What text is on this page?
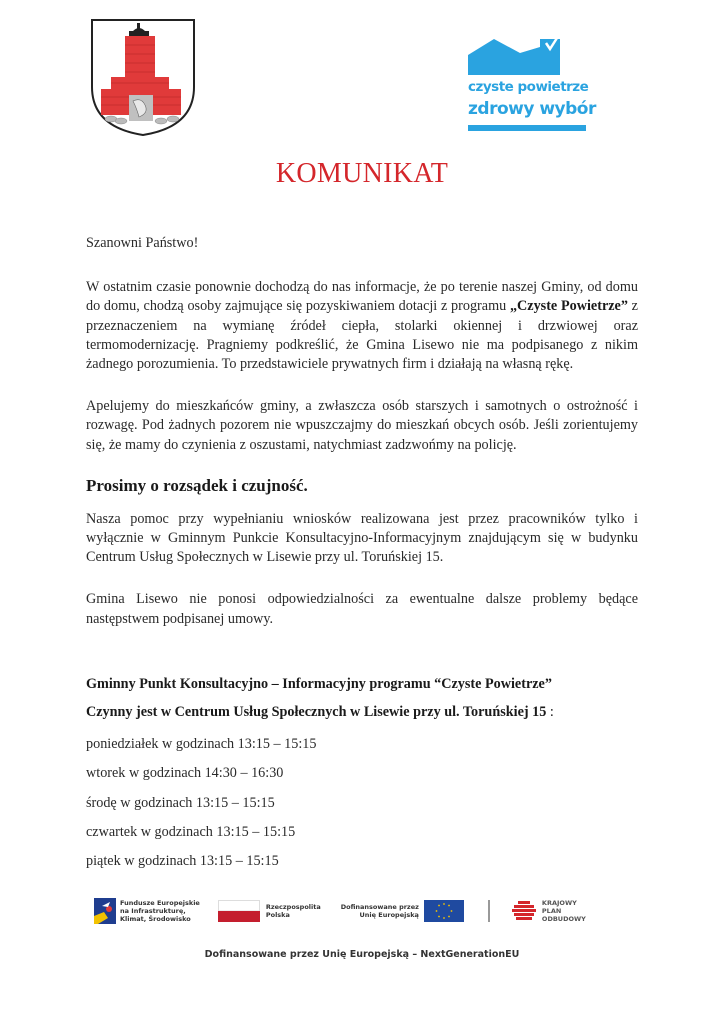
czyste powietrze
zdrowy wybór
KOMUNIKAT
Szanowni Państwo!
W ostatnim czasie ponownie dochodzą do nas informacje, że po terenie naszej Gminy, od domu do domu, chodzą osoby zajmujące się pozyskiwaniem dotacji z programu „Czyste Powietrze” z przeznaczeniem na wymianę źródeł ciepła, stolarki okiennej i drzwiowej oraz termomodernizację. Pragniemy podkreślić, że Gmina Lisewo nie ma podpisanego z nikim żadnego porozumienia. To przedstawiciele prywatnych firm i działają na własną rękę.
Apelujemy do mieszkańców gminy, a zwłaszcza osób starszych i samotnych o ostrożność i rozwagę. Pod żadnych pozorem nie wpuszczajmy do mieszkań obcych osób. Jeśli zorientujemy się, że mamy do czynienia z oszustami, natychmiast zadzwońmy na policję.
Prosimy o rozsądek i czujność.
Nasza pomoc przy wypełnianiu wniosków realizowana jest przez pracowników tylko i wyłącznie w Gminnym Punkcie Konsultacyjno-Informacyjnym znajdującym się w budynku Centrum Usług Społecznych w Lisewie przy ul. Toruńskiej 15.
Gmina Lisewo nie ponosi odpowiedzialności za ewentualne dalsze problemy będące następstwem podpisanej umowy.
Gminny Punkt Konsultacyjno – Informacyjny programu “Czyste Powietrze”
Czynny jest w Centrum Usług Społecznych w Lisewie przy ul. Toruńskiej 15 :
poniedziałek w godzinach 13:15 – 15:15
wtorek w godzinach 14:30 – 16:30
środę w godzinach 13:15 – 15:15
czwartek w godzinach 13:15 – 15:15
piątek w godzinach 13:15 – 15:15
Fundusze Europejskie
na Infrastrukturę,
Klimat, Środowisko
Rzeczpospolita
Polska
Dofinansowane przez
Unię Europejską
KRAJOWY
PLAN
ODBUDOWY
Dofinansowane przez Unię Europejską – NextGenerationEU
